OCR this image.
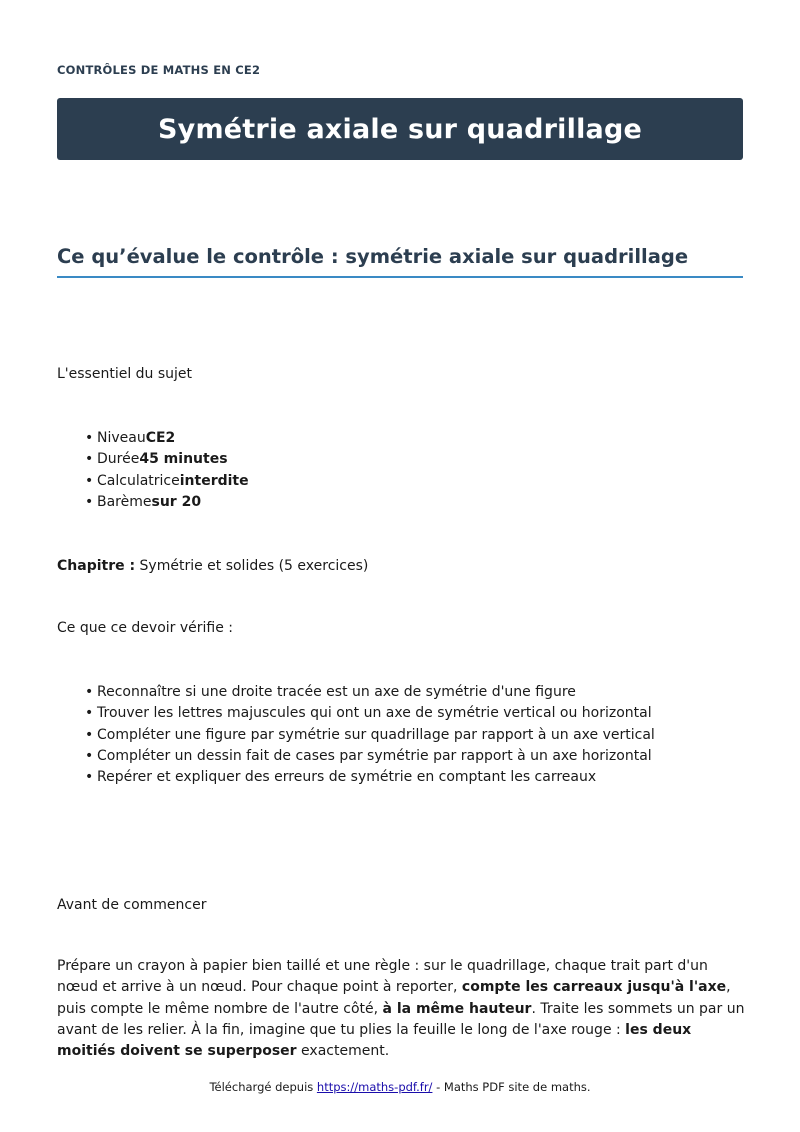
CONTRÔLES DE MATHS EN CE2
Symétrie axiale sur quadrillage
Ce qu’évalue le contrôle : symétrie axiale sur quadrillage

L'essentiel du sujet

• NiveauCE2
• Durée45 minutes
• Calculatriceinterdite
• Barèmesur 20

Chapitre : Symétrie et solides (5 exercices)

Ce que ce devoir vérifie :

• Reconnaître si une droite tracée est un axe de symétrie d'une figure
• Trouver les lettres majuscules qui ont un axe de symétrie vertical ou horizontal
• Compléter une figure par symétrie sur quadrillage par rapport à un axe vertical
• Compléter un dessin fait de cases par symétrie par rapport à un axe horizontal
• Repérer et expliquer des erreurs de symétrie en comptant les carreaux

Avant de commencer

Prépare un crayon à papier bien taillé et une règle : sur le quadrillage, chaque trait part d'un nœud et arrive à un nœud. Pour chaque point à reporter, compte les carreaux jusqu'à l'axe, puis compte le même nombre de l'autre côté, à la même hauteur. Traite les sommets un par un avant de les relier. À la fin, imagine que tu plies la feuille le long de l'axe rouge : les deux moitiés doivent se superposer exactement.

Téléchargé depuis https://maths-pdf.fr/ - Maths PDF site de maths.
